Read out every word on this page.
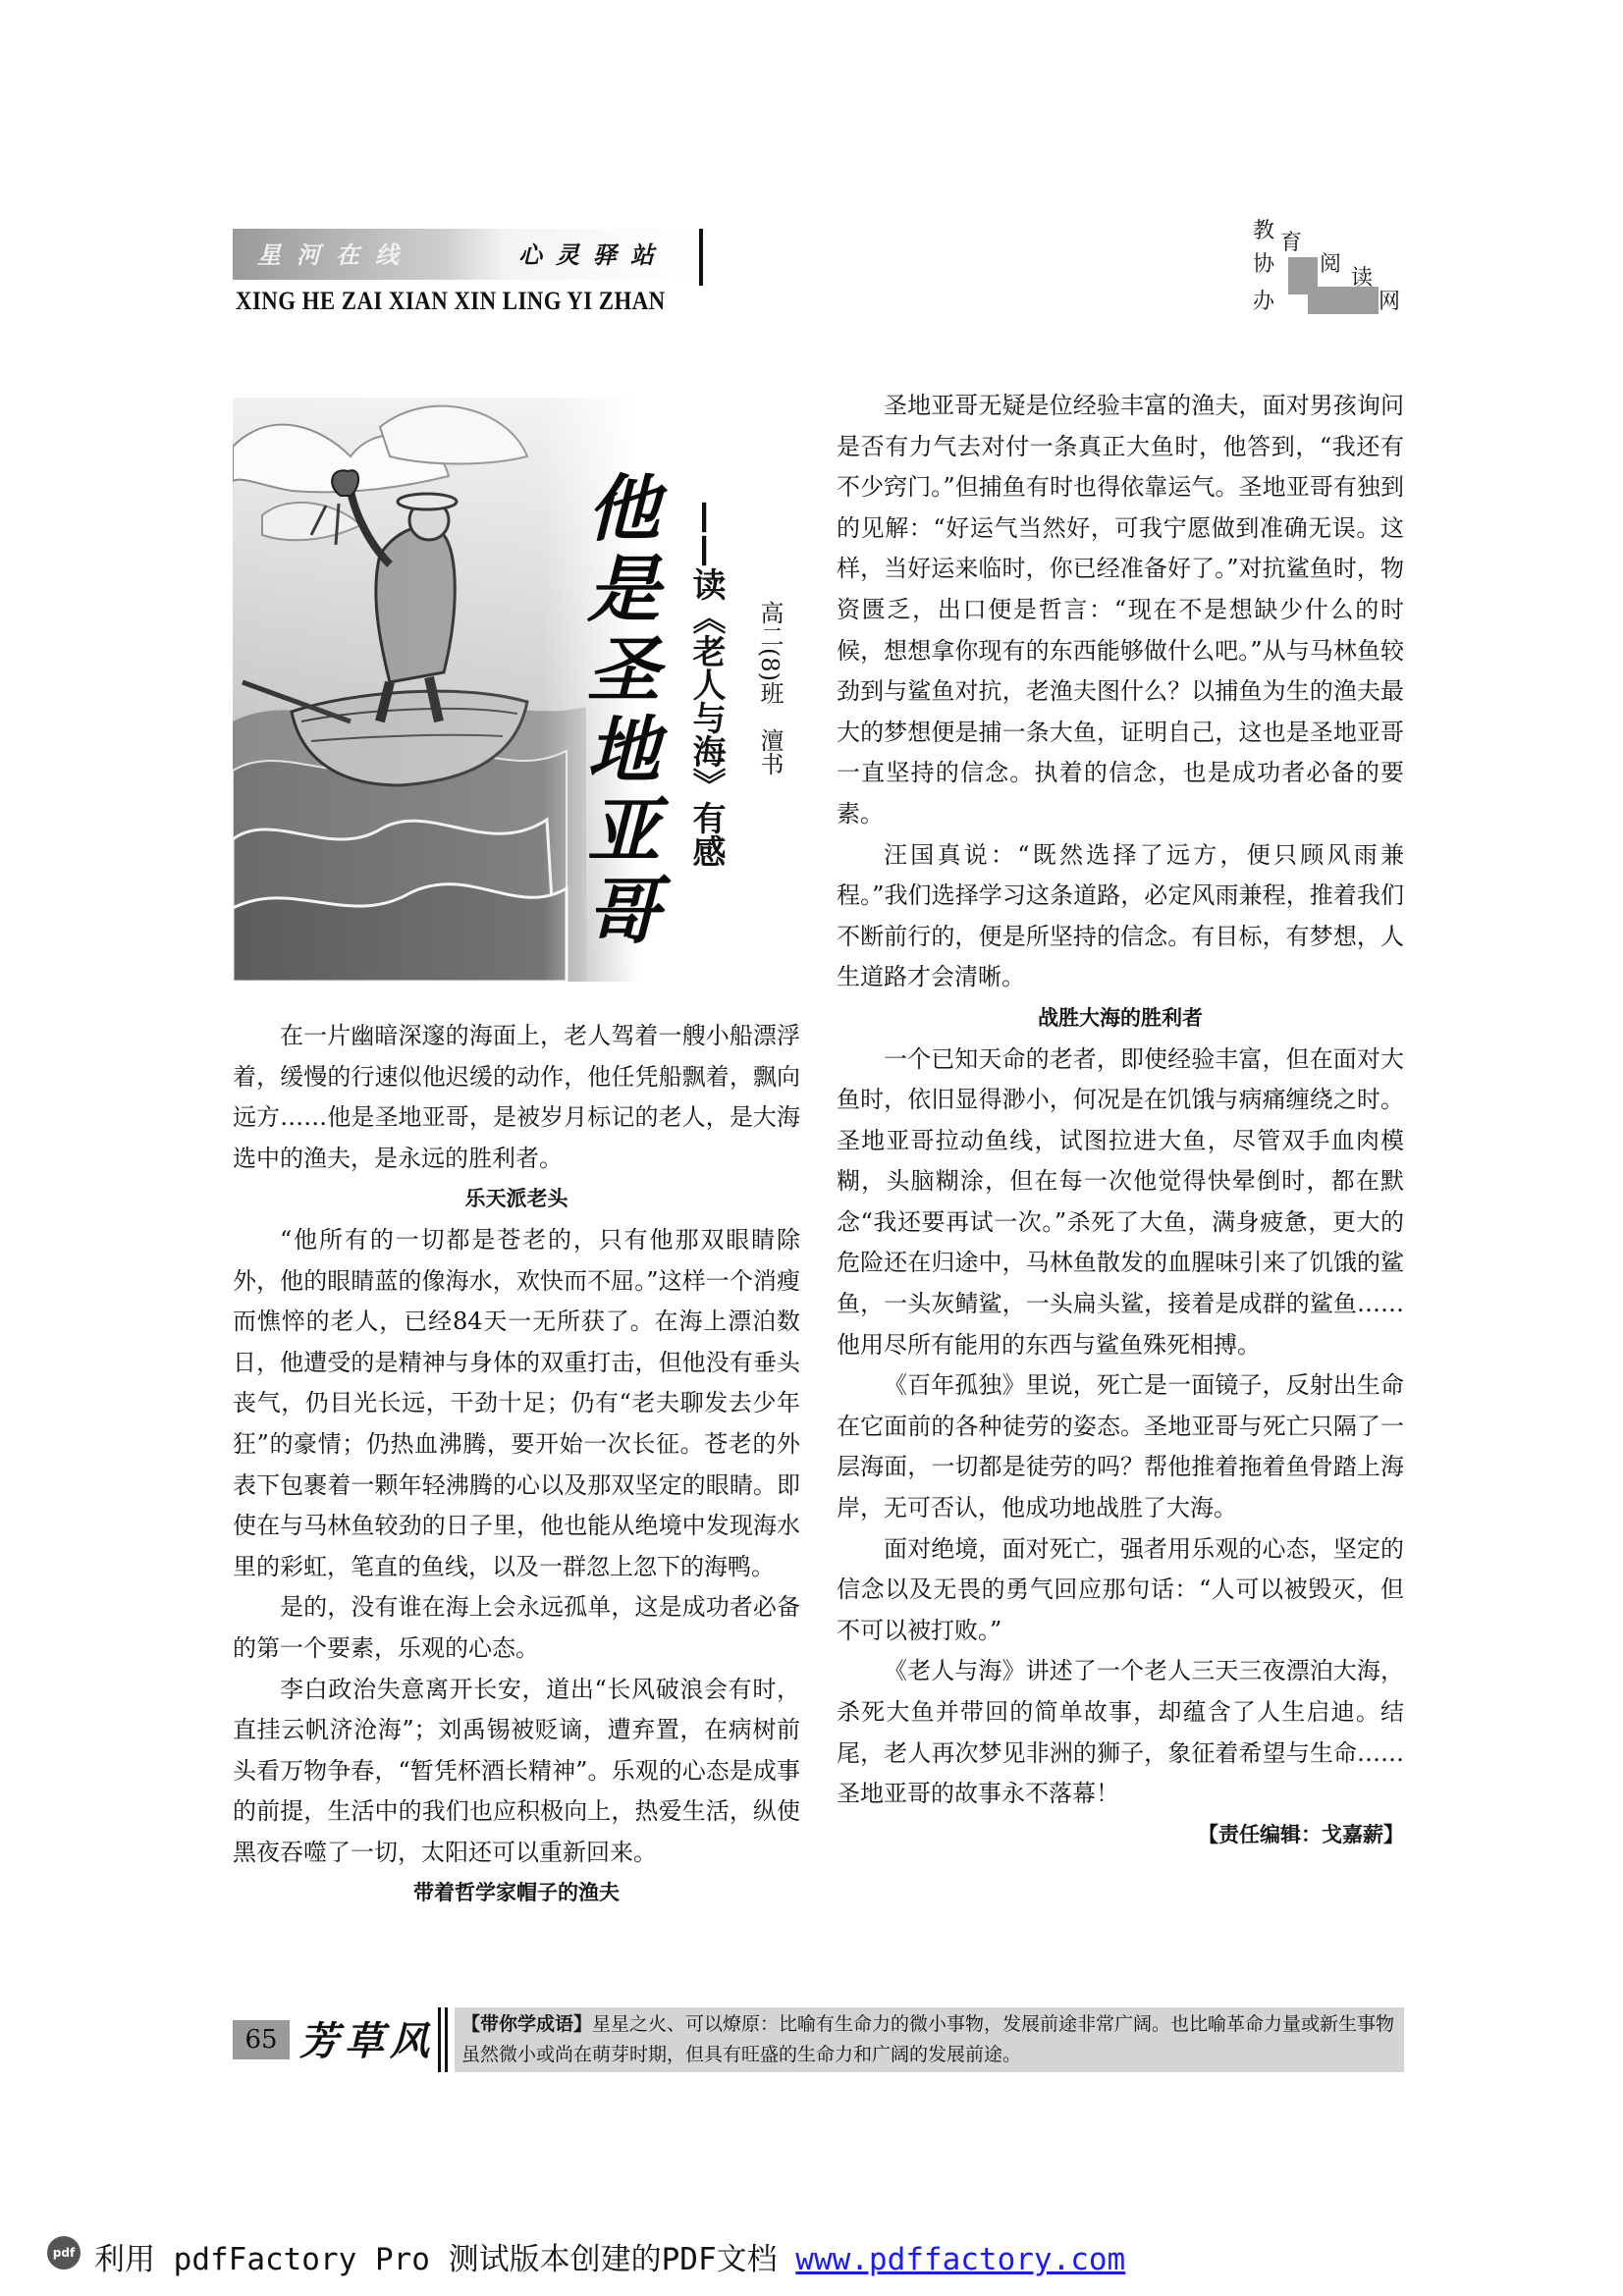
星河在线	心灵驿站
XING HE ZAI XIAN XIN LING YI ZHAN
教 育
协 阅
读
办	网
他
是
圣
地
亚
哥
——读《老人与海》有感	高二(8)班　澶书

在一片幽暗深邃的海面上，老人驾着一艘小船漂浮着，缓慢的行速似他迟缓的动作，他任凭船飘着，飘向远方……他是圣地亚哥，是被岁月标记的老人，是大海选中的渔夫，是永远的胜利者。

乐天派老头

“他所有的一切都是苍老的，只有他那双眼睛除外，他的眼睛蓝的像海水，欢快而不屈。”这样一个消瘦而憔悴的老人，已经84天一无所获了。在海上漂泊数日，他遭受的是精神与身体的双重打击，但他没有垂头丧气，仍目光长远，干劲十足；仍有“老夫聊发去少年狂”的豪情；仍热血沸腾，要开始一次长征。苍老的外表下包裹着一颗年轻沸腾的心以及那双坚定的眼睛。即使在与马林鱼较劲的日子里，他也能从绝境中发现海水里的彩虹，笔直的鱼线，以及一群忽上忽下的海鸭。

是的，没有谁在海上会永远孤单，这是成功者必备的第一个要素，乐观的心态。

李白政治失意离开长安，道出“长风破浪会有时，直挂云帆济沧海”；刘禹锡被贬谪，遭弃置，在病树前头看万物争春，“暂凭杯酒长精神”。乐观的心态是成事的前提，生活中的我们也应积极向上，热爱生活，纵使黑夜吞噬了一切，太阳还可以重新回来。

带着哲学家帽子的渔夫

圣地亚哥无疑是位经验丰富的渔夫，面对男孩询问是否有力气去对付一条真正大鱼时，他答到，“我还有不少窍门。”但捕鱼有时也得依靠运气。圣地亚哥有独到的见解：“好运气当然好，可我宁愿做到准确无误。这样，当好运来临时，你已经准备好了。”对抗鲨鱼时，物资匮乏，出口便是哲言：“现在不是想缺少什么的时候，想想拿你现有的东西能够做什么吧。”从与马林鱼较劲到与鲨鱼对抗，老渔夫图什么？以捕鱼为生的渔夫最大的梦想便是捕一条大鱼，证明自己，这也是圣地亚哥一直坚持的信念。执着的信念，也是成功者必备的要素。

汪国真说：“既然选择了远方，便只顾风雨兼程。”我们选择学习这条道路，必定风雨兼程，推着我们不断前行的，便是所坚持的信念。有目标，有梦想，人生道路才会清晰。

战胜大海的胜利者

一个已知天命的老者，即使经验丰富，但在面对大鱼时，依旧显得渺小，何况是在饥饿与病痛缠绕之时。圣地亚哥拉动鱼线，试图拉进大鱼，尽管双手血肉模糊，头脑糊涂，但在每一次他觉得快晕倒时，都在默念“我还要再试一次。”杀死了大鱼，满身疲惫，更大的危险还在归途中，马林鱼散发的血腥味引来了饥饿的鲨鱼，一头灰鲭鲨，一头扁头鲨，接着是成群的鲨鱼……他用尽所有能用的东西与鲨鱼殊死相搏。

《百年孤独》里说，死亡是一面镜子，反射出生命在它面前的各种徒劳的姿态。圣地亚哥与死亡只隔了一层海面，一切都是徒劳的吗？帮他推着拖着鱼骨踏上海岸，无可否认，他成功地战胜了大海。

面对绝境，面对死亡，强者用乐观的心态，坚定的信念以及无畏的勇气回应那句话：“人可以被毁灭，但不可以被打败。”

《老人与海》讲述了一个老人三天三夜漂泊大海，杀死大鱼并带回的简单故事，却蕴含了人生启迪。结尾，老人再次梦见非洲的狮子，象征着希望与生命……圣地亚哥的故事永不落幕！

【责任编辑：戈嘉薪】
65 芳草风 【带你学成语】星星之火、可以燎原：比喻有生命力的微小事物，发展前途非常广阔。也比喻革命力量或新生事物虽然微小或尚在萌芽时期，但具有旺盛的生命力和广阔的发展前途。
pdf 利用 pdfFactory Pro 测试版本创建的PDF文档 www.pdffactory.com
